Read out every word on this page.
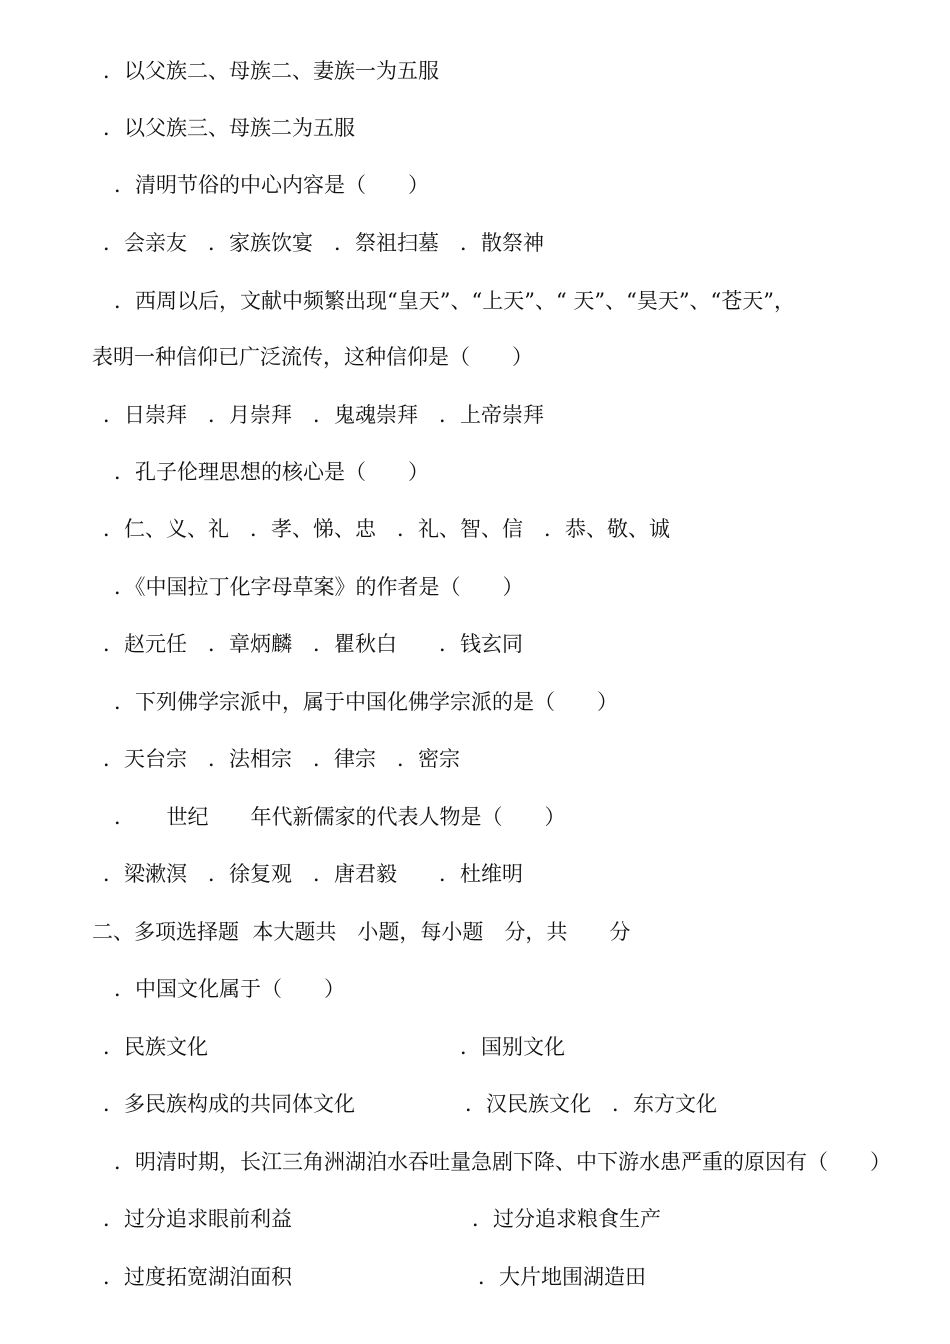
．以父族二、母族二、妻族一为五服
．以父族三、母族二为五服
．清明节俗的中心内容是（　　）
．会亲友　．家族饮宴　．祭祖扫墓　．散祭神
．西周以后，文献中频繁出现“皇天”、“上天”、“ 天”、“昊天”、“苍天”，
表明一种信仰已广泛流传，这种信仰是（　　）
．日崇拜　．月崇拜　．鬼魂崇拜　．上帝崇拜
．孔子伦理思想的核心是（　　）
．仁、义、礼　．孝、悌、忠　．礼、智、信　．恭、敬、诚
．《中国拉丁化字母草案》的作者是（　　）
．赵元任　．章炳麟　．瞿秋白　　．钱玄同
．下列佛学宗派中，属于中国化佛学宗派的是（　　）
．天台宗　．法相宗　．律宗　．密宗
．　　世纪　　年代新儒家的代表人物是（　　）
．梁漱溟　．徐复观　．唐君毅　　．杜维明
二、多项选择题  本大题共　小题，每小题　分，共　　分
．中国文化属于（　　）
．民族文化	．国别文化
．多民族构成的共同体文化	．汉民族文化　．东方文化
．明清时期，长江三角洲湖泊水吞吐量急剧下降、中下游水患严重的原因有（　　）
．过分追求眼前利益	．过分追求粮食生产
．过度拓宽湖泊面积	．大片地围湖造田
